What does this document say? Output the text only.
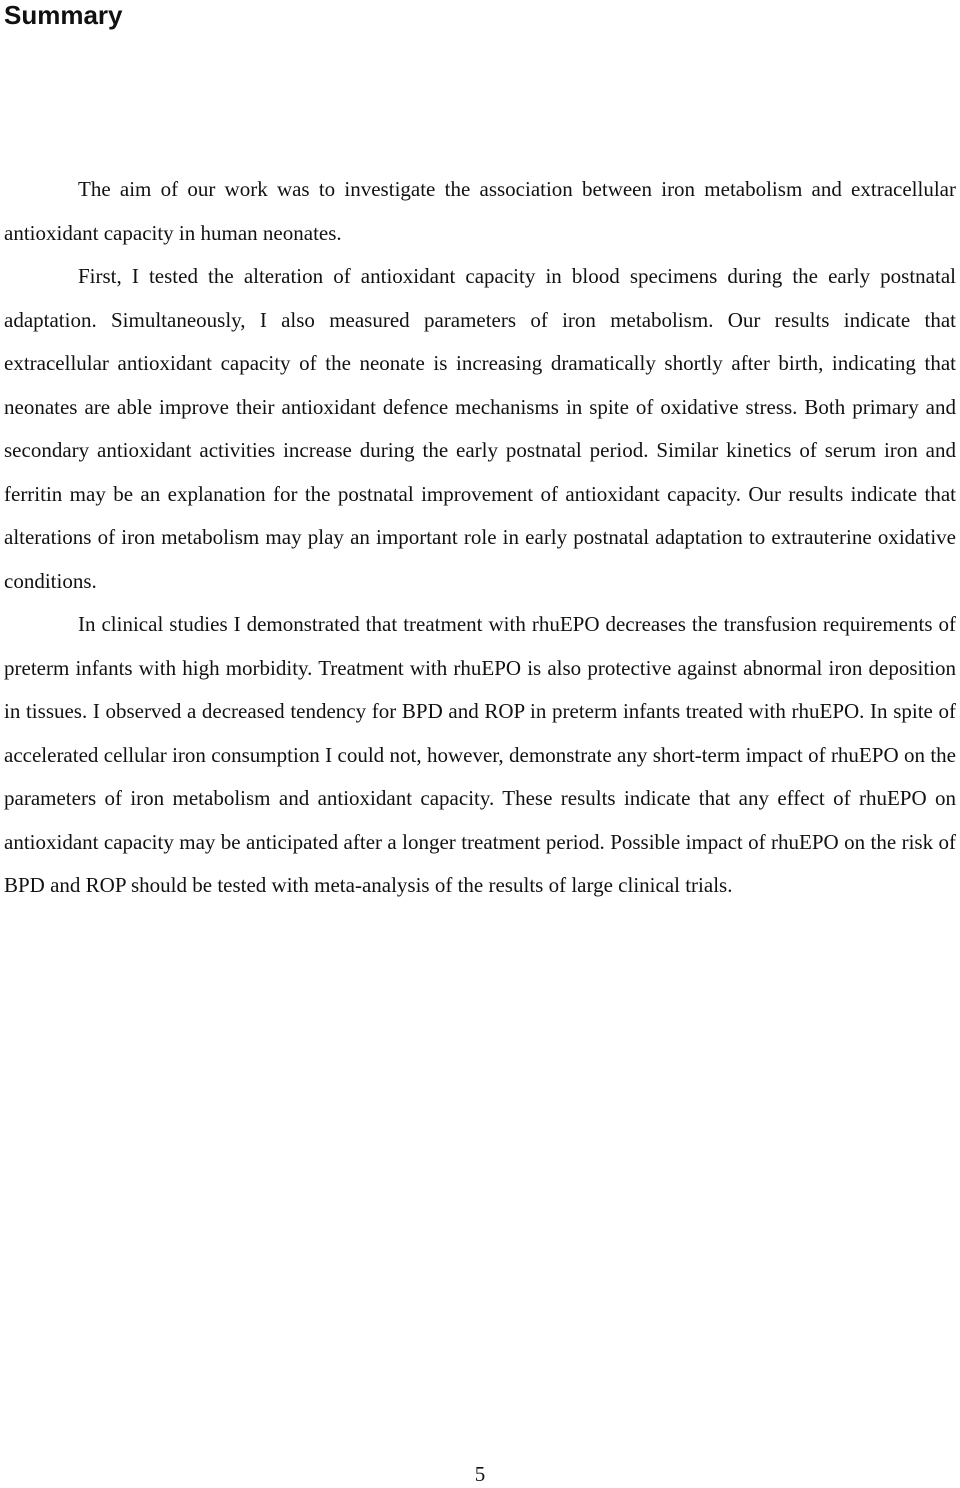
Summary

The aim of our work was to investigate the association between iron metabolism and extracellular antioxidant capacity in human neonates.

First, I tested the alteration of antioxidant capacity in blood specimens during the early postnatal adaptation. Simultaneously, I also measured parameters of iron metabolism. Our results indicate that extracellular antioxidant capacity of the neonate is increasing dramatically shortly after birth, indicating that neonates are able improve their antioxidant defence mechanisms in spite of oxidative stress. Both primary and secondary antioxidant activities increase during the early postnatal period. Similar kinetics of serum iron and ferritin may be an explanation for the postnatal improvement of antioxidant capacity. Our results indicate that alterations of iron metabolism may play an important role in early postnatal adaptation to extrauterine oxidative conditions.

In clinical studies I demonstrated that treatment with rhuEPO decreases the transfusion requirements of preterm infants with high morbidity. Treatment with rhuEPO is also protective against abnormal iron deposition in tissues. I observed a decreased tendency for BPD and ROP in preterm infants treated with rhuEPO. In spite of accelerated cellular iron consumption I could not, however, demonstrate any short-term impact of rhuEPO on the parameters of iron metabolism and antioxidant capacity. These results indicate that any effect of rhuEPO on antioxidant capacity may be anticipated after a longer treatment period. Possible impact of rhuEPO on the risk of BPD and ROP should be tested with meta-analysis of the results of large clinical trials.

5
